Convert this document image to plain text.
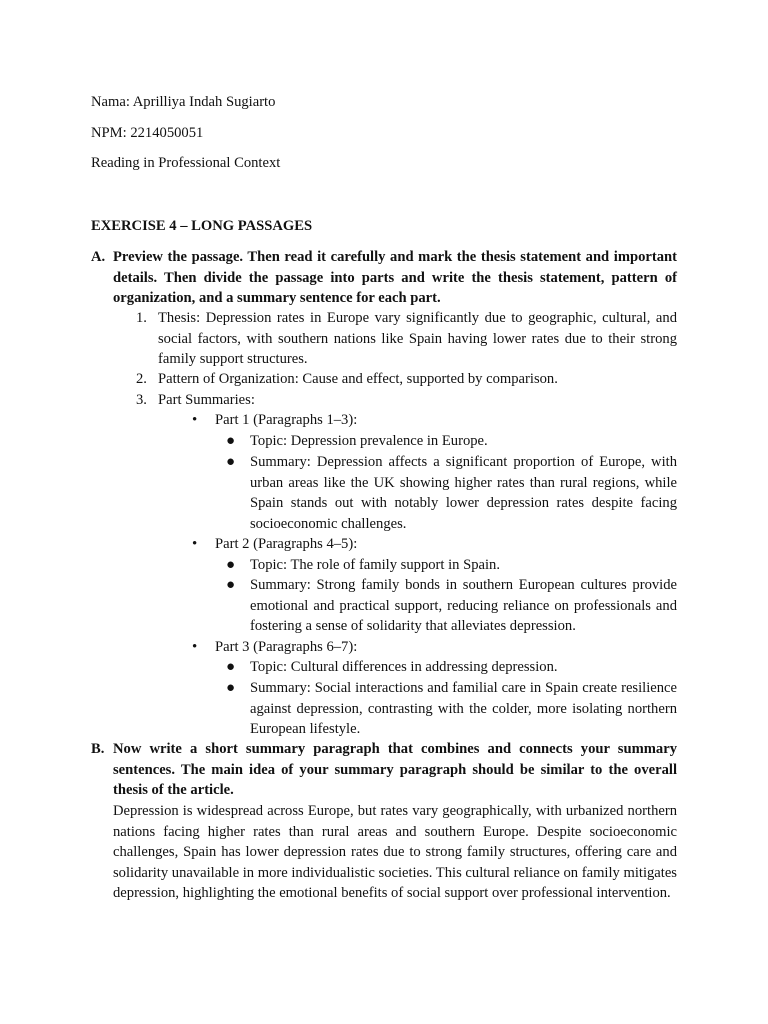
Nama: Aprilliya Indah Sugiarto

NPM: 2214050051

Reading in Professional Context

EXERCISE 4 – LONG PASSAGES

A. Preview the passage. Then read it carefully and mark the thesis statement and important details. Then divide the passage into parts and write the thesis statement, pattern of organization, and a summary sentence for each part.

1. Thesis: Depression rates in Europe vary significantly due to geographic, cultural, and social factors, with southern nations like Spain having lower rates due to their strong family support structures.

2. Pattern of Organization: Cause and effect, supported by comparison.

3. Part Summaries:

• Part 1 (Paragraphs 1–3):

● Topic: Depression prevalence in Europe.

● Summary: Depression affects a significant proportion of Europe, with urban areas like the UK showing higher rates than rural regions, while Spain stands out with notably lower depression rates despite facing socioeconomic challenges.

• Part 2 (Paragraphs 4–5):

● Topic: The role of family support in Spain.

● Summary: Strong family bonds in southern European cultures provide emotional and practical support, reducing reliance on professionals and fostering a sense of solidarity that alleviates depression.

• Part 3 (Paragraphs 6–7):

● Topic: Cultural differences in addressing depression.

● Summary: Social interactions and familial care in Spain create resilience against depression, contrasting with the colder, more isolating northern European lifestyle.

B. Now write a short summary paragraph that combines and connects your summary sentences. The main idea of your summary paragraph should be similar to the overall thesis of the article.

Depression is widespread across Europe, but rates vary geographically, with urbanized northern nations facing higher rates than rural areas and southern Europe. Despite socioeconomic challenges, Spain has lower depression rates due to strong family structures, offering care and solidarity unavailable in more individualistic societies. This cultural reliance on family mitigates depression, highlighting the emotional benefits of social support over professional intervention.
